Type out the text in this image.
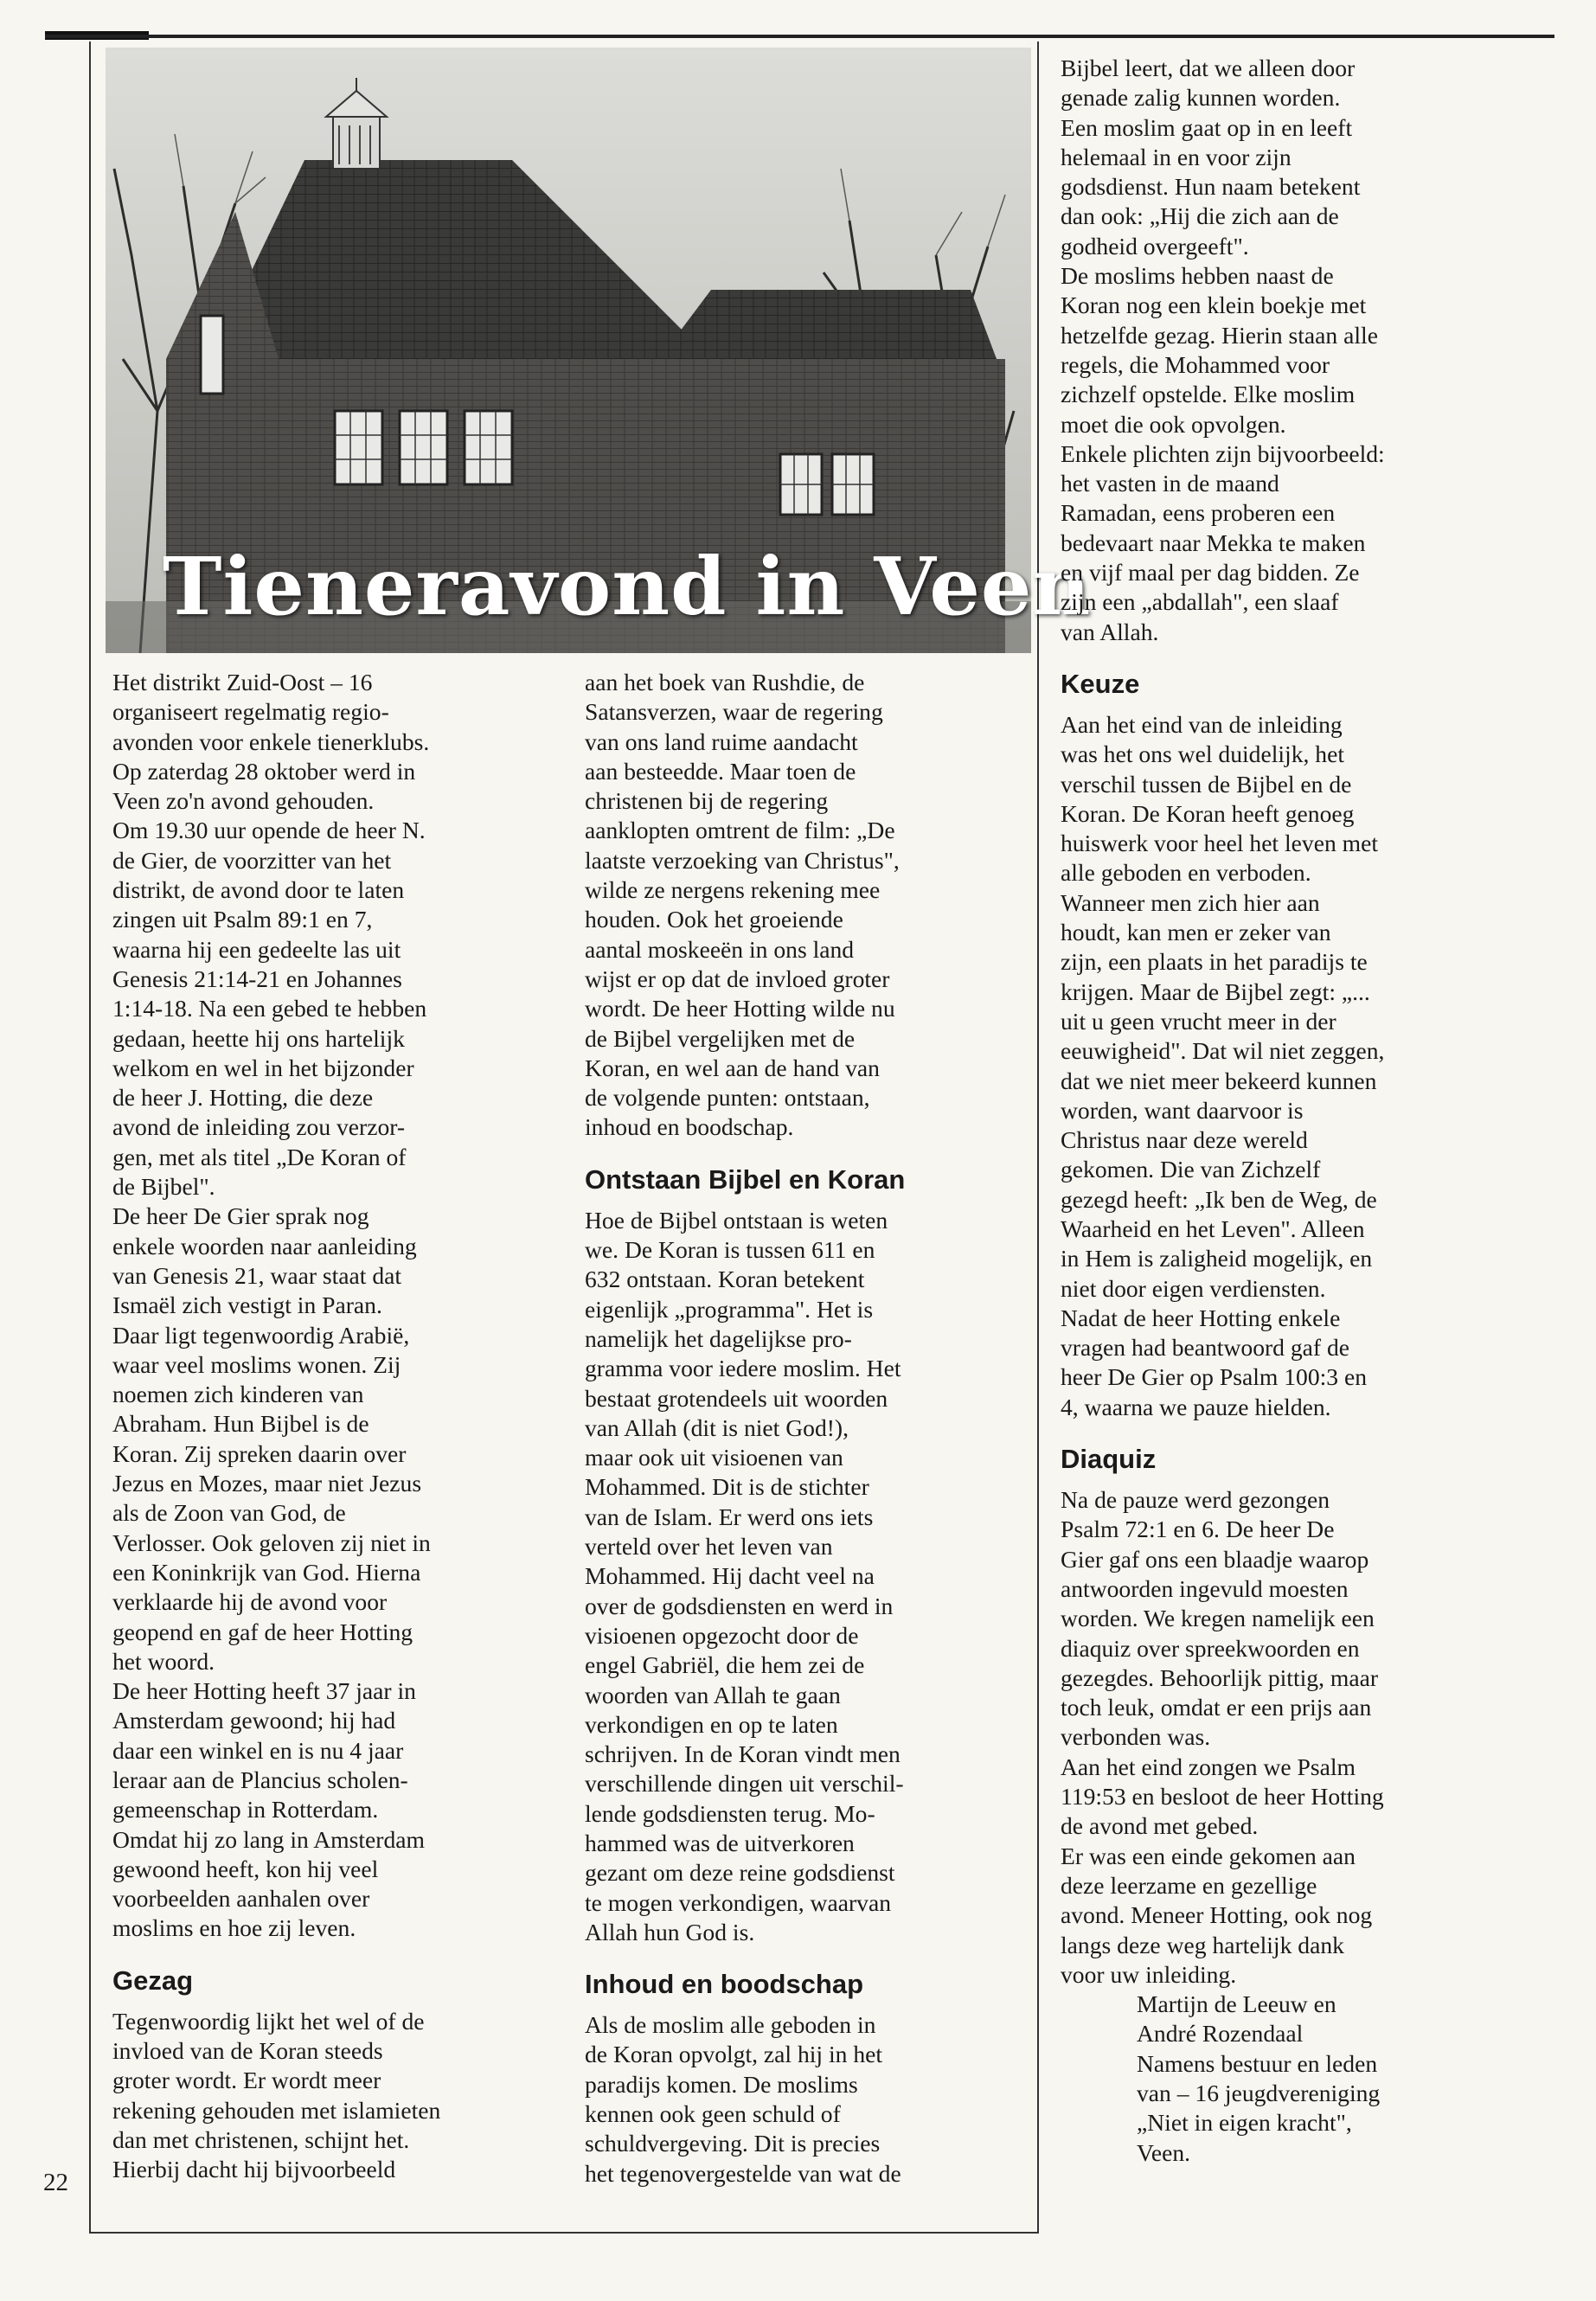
Tieneravond in Veen

Het distrikt Zuid-Oost – 16

organiseert regelmatig regio-

avonden voor enkele tienerklubs.

Op zaterdag 28 oktober werd in

Veen zo'n avond gehouden.

Om 19.30 uur opende de heer N.

de Gier, de voorzitter van het

distrikt, de avond door te laten

zingen uit Psalm 89:1 en 7,

waarna hij een gedeelte las uit

Genesis 21:14-21 en Johannes

1:14-18. Na een gebed te hebben

gedaan, heette hij ons hartelijk

welkom en wel in het bijzonder

de heer J. Hotting, die deze

avond de inleiding zou verzor-

gen, met als titel „De Koran of

de Bijbel".

De heer De Gier sprak nog

enkele woorden naar aanleiding

van Genesis 21, waar staat dat

Ismaël zich vestigt in Paran.

Daar ligt tegenwoordig Arabië,

waar veel moslims wonen. Zij

noemen zich kinderen van

Abraham. Hun Bijbel is de

Koran. Zij spreken daarin over

Jezus en Mozes, maar niet Jezus

als de Zoon van God, de

Verlosser. Ook geloven zij niet in

een Koninkrijk van God. Hierna

verklaarde hij de avond voor

geopend en gaf de heer Hotting

het woord.

De heer Hotting heeft 37 jaar in

Amsterdam gewoond; hij had

daar een winkel en is nu 4 jaar

leraar aan de Plancius scholen-

gemeenschap in Rotterdam.

Omdat hij zo lang in Amsterdam

gewoond heeft, kon hij veel

voorbeelden aanhalen over

moslims en hoe zij leven.

Gezag

Tegenwoordig lijkt het wel of de

invloed van de Koran steeds

groter wordt. Er wordt meer

rekening gehouden met islamieten

dan met christenen, schijnt het.

Hierbij dacht hij bijvoorbeeld

aan het boek van Rushdie, de

Satansverzen, waar de regering

van ons land ruime aandacht

aan besteedde. Maar toen de

christenen bij de regering

aanklopten omtrent de film: „De

laatste verzoeking van Christus",

wilde ze nergens rekening mee

houden. Ook het groeiende

aantal moskeeën in ons land

wijst er op dat de invloed groter

wordt. De heer Hotting wilde nu

de Bijbel vergelijken met de

Koran, en wel aan de hand van

de volgende punten: ontstaan,

inhoud en boodschap.

Ontstaan Bijbel en Koran

Hoe de Bijbel ontstaan is weten

we. De Koran is tussen 611 en

632 ontstaan. Koran betekent

eigenlijk „programma". Het is

namelijk het dagelijkse pro-

gramma voor iedere moslim. Het

bestaat grotendeels uit woorden

van Allah (dit is niet God!),

maar ook uit visioenen van

Mohammed. Dit is de stichter

van de Islam. Er werd ons iets

verteld over het leven van

Mohammed. Hij dacht veel na

over de godsdiensten en werd in

visioenen opgezocht door de

engel Gabriël, die hem zei de

woorden van Allah te gaan

verkondigen en op te laten

schrijven. In de Koran vindt men

verschillende dingen uit verschil-

lende godsdiensten terug. Mo-

hammed was de uitverkoren

gezant om deze reine godsdienst

te mogen verkondigen, waarvan

Allah hun God is.

Inhoud en boodschap

Als de moslim alle geboden in

de Koran opvolgt, zal hij in het

paradijs komen. De moslims

kennen ook geen schuld of

schuldvergeving. Dit is precies

het tegenovergestelde van wat de

Bijbel leert, dat we alleen door

genade zalig kunnen worden.

Een moslim gaat op in en leeft

helemaal in en voor zijn

godsdienst. Hun naam betekent

dan ook: „Hij die zich aan de

godheid overgeeft".

De moslims hebben naast de

Koran nog een klein boekje met

hetzelfde gezag. Hierin staan alle

regels, die Mohammed voor

zichzelf opstelde. Elke moslim

moet die ook opvolgen.

Enkele plichten zijn bijvoorbeeld:

het vasten in de maand

Ramadan, eens proberen een

bedevaart naar Mekka te maken

en vijf maal per dag bidden. Ze

zijn een „abdallah", een slaaf

van Allah.

Keuze

Aan het eind van de inleiding

was het ons wel duidelijk, het

verschil tussen de Bijbel en de

Koran. De Koran heeft genoeg

huiswerk voor heel het leven met

alle geboden en verboden.

Wanneer men zich hier aan

houdt, kan men er zeker van

zijn, een plaats in het paradijs te

krijgen. Maar de Bijbel zegt: „...

uit u geen vrucht meer in der

eeuwigheid". Dat wil niet zeggen,

dat we niet meer bekeerd kunnen

worden, want daarvoor is

Christus naar deze wereld

gekomen. Die van Zichzelf

gezegd heeft: „Ik ben de Weg, de

Waarheid en het Leven". Alleen

in Hem is zaligheid mogelijk, en

niet door eigen verdiensten.

Nadat de heer Hotting enkele

vragen had beantwoord gaf de

heer De Gier op Psalm 100:3 en

4, waarna we pauze hielden.

Diaquiz

Na de pauze werd gezongen

Psalm 72:1 en 6. De heer De

Gier gaf ons een blaadje waarop

antwoorden ingevuld moesten

worden. We kregen namelijk een

diaquiz over spreekwoorden en

gezegdes. Behoorlijk pittig, maar

toch leuk, omdat er een prijs aan

verbonden was.

Aan het eind zongen we Psalm

119:53 en besloot de heer Hotting

de avond met gebed.

Er was een einde gekomen aan

deze leerzame en gezellige

avond. Meneer Hotting, ook nog

langs deze weg hartelijk dank

voor uw inleiding.

Martijn de Leeuw en

André Rozendaal

Namens bestuur en leden

van – 16 jeugdvereniging

„Niet in eigen kracht",

Veen.

22
